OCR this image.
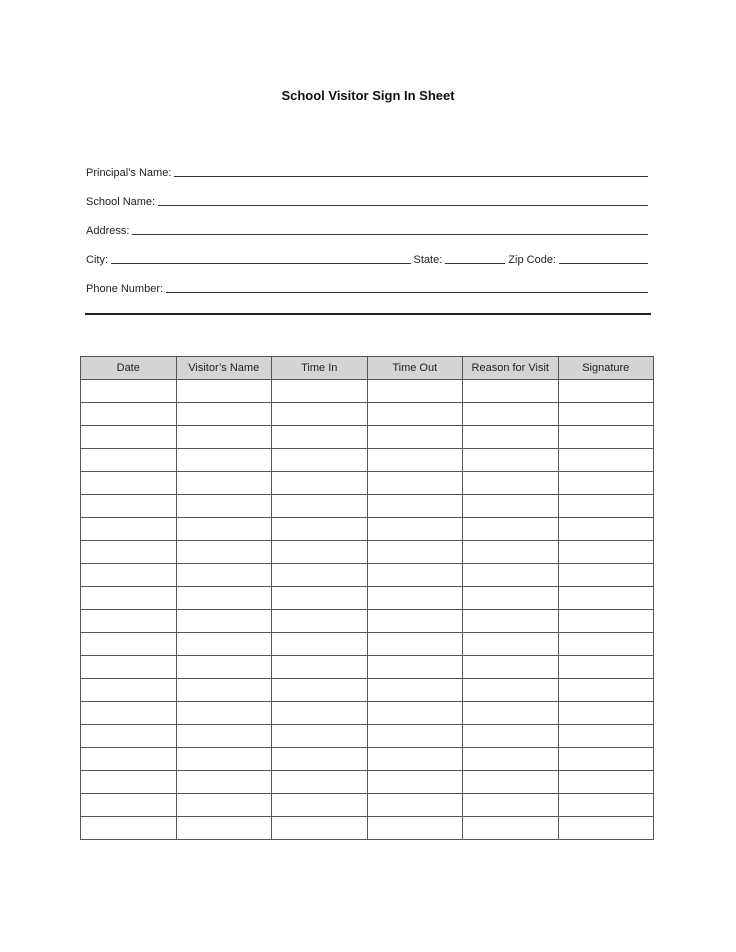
School Visitor Sign In Sheet
Principal’s Name:
School Name:
Address:
City:	State:	Zip Code:
Phone Number:
Date	Visitor’s Name	Time In	Time Out	Reason for Visit	Signature
